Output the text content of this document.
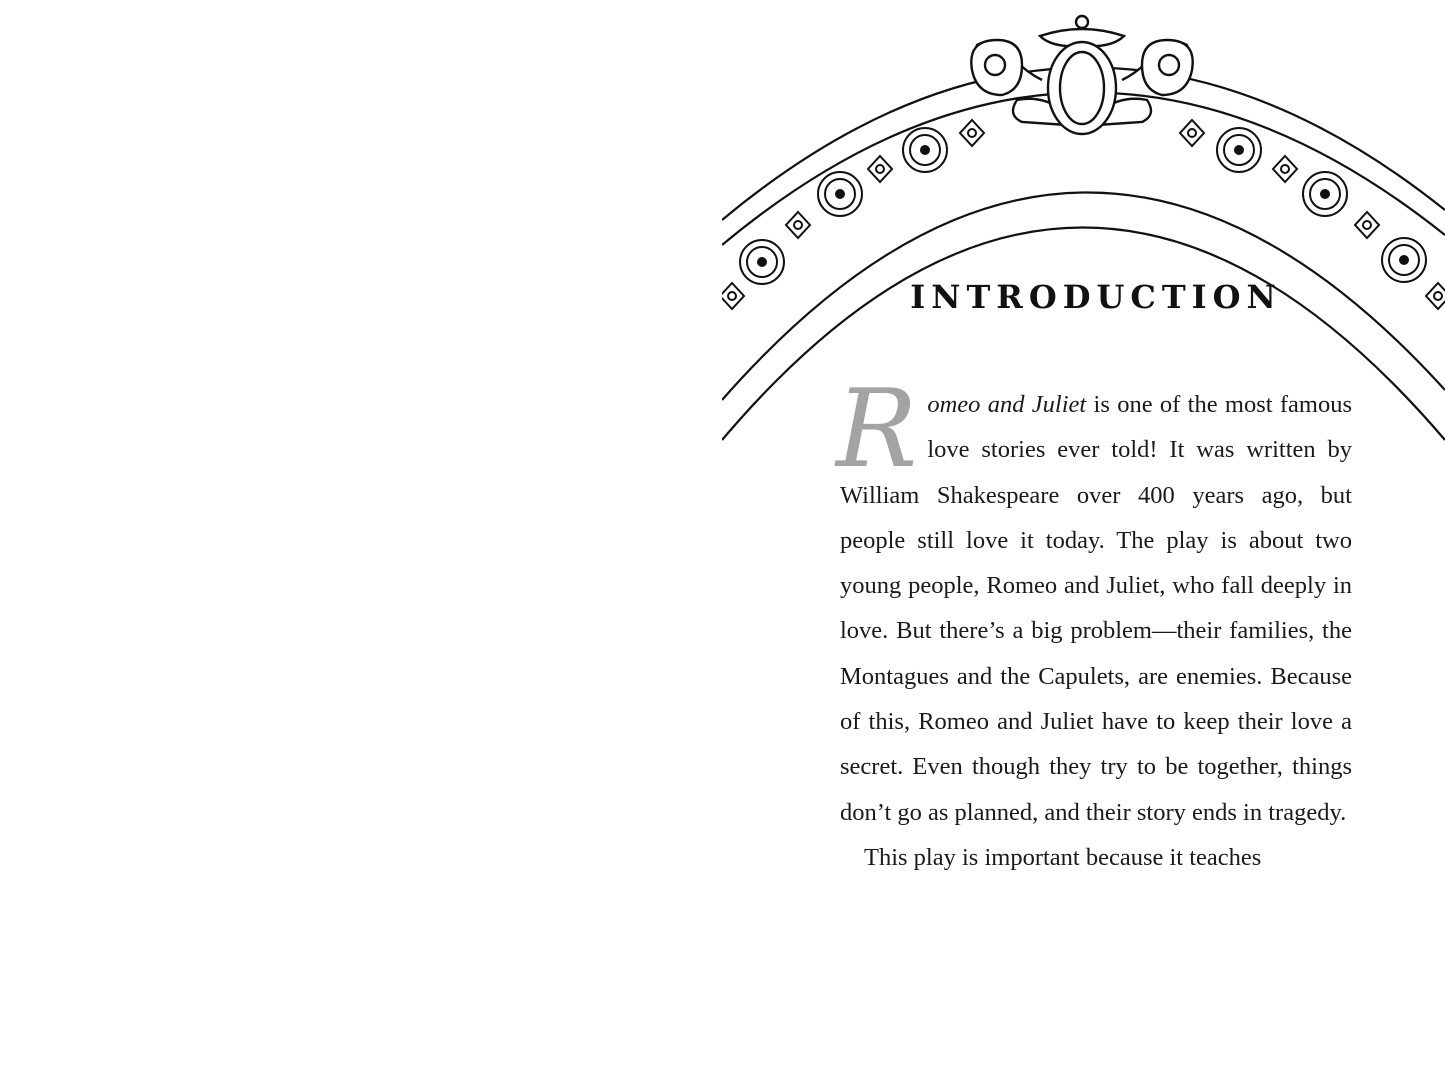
INTRODUCTION

Romeo and Juliet is one of the most famous love stories ever told! It was written by William Shakespeare over 400 years ago, but people still love it today. The play is about two young people, Romeo and Juliet, who fall deeply in love. But there’s a big problem—their families, the Montagues and the Capulets, are enemies. Because of this, Romeo and Juliet have to keep their love a secret. Even though they try to be together, things don’t go as planned, and their story ends in tragedy.

This play is important because it teaches
